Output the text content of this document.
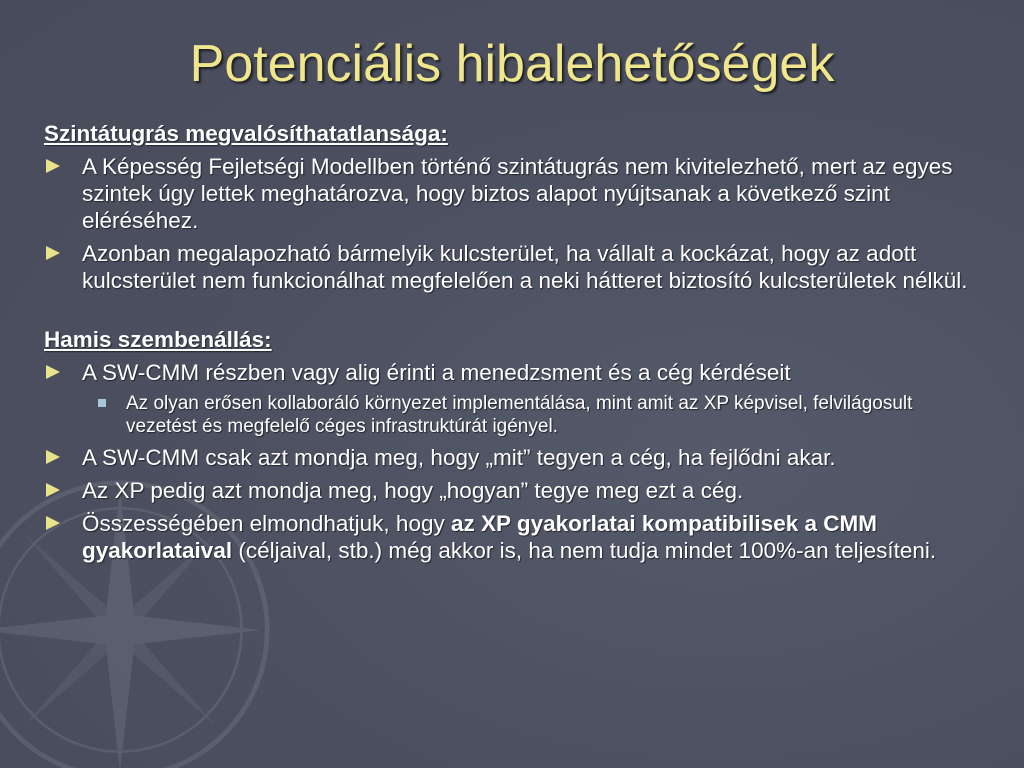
Potenciális hibalehetőségek
Szintátugrás megvalósíthatatlansága:
A Képesség Fejletségi Modellben történő szintátugrás nem kivitelezhető, mert az egyes szintek úgy lettek meghatározva, hogy biztos alapot nyújtsanak a következő szint eléréséhez.
Azonban megalapozható bármelyik kulcsterület, ha vállalt a kockázat, hogy az adott kulcsterület nem funkcionálhat megfelelően a neki hátteret biztosító kulcsterületek nélkül.
Hamis szembenállás:
A SW-CMM részben vagy alig érinti a menedzsment és a cég kérdéseit
Az olyan erősen kollaboráló környezet implementálása, mint amit az XP képvisel, felvilágosult vezetést és megfelelő céges infrastruktúrát igényel.
A SW-CMM csak azt mondja meg, hogy „mit” tegyen a cég, ha fejlődni akar.
Az XP pedig azt mondja meg, hogy „hogyan” tegye meg ezt a cég.
Összességében elmondhatjuk, hogy az XP gyakorlatai kompatibilisek a CMM gyakorlataival (céljaival, stb.) még akkor is, ha nem tudja mindet 100%-an teljesíteni.
